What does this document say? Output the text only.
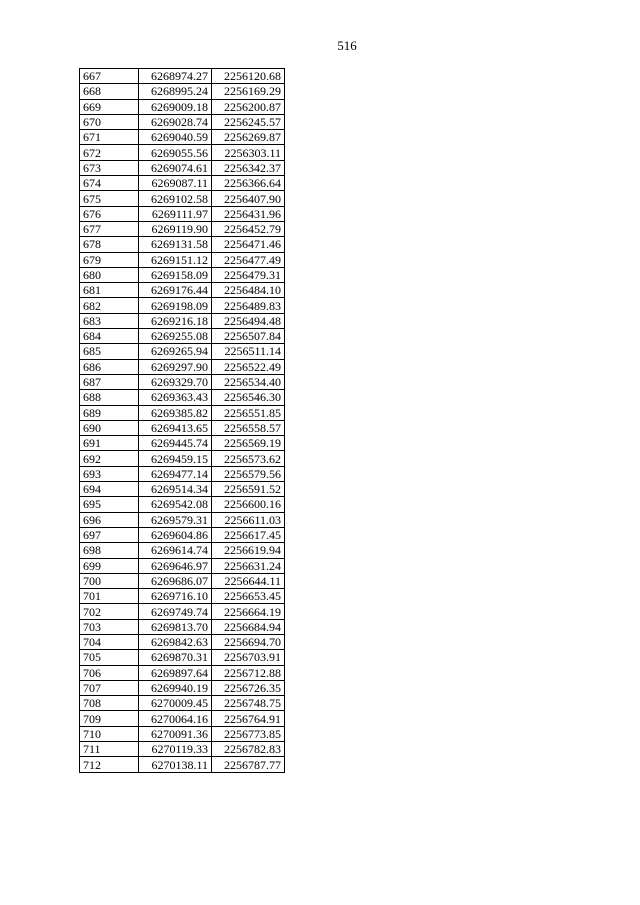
516
667	6268974.27	2256120.68
668	6268995.24	2256169.29
669	6269009.18	2256200.87
670	6269028.74	2256245.57
671	6269040.59	2256269.87
672	6269055.56	2256303.11
673	6269074.61	2256342.37
674	6269087.11	2256366.64
675	6269102.58	2256407.90
676	6269111.97	2256431.96
677	6269119.90	2256452.79
678	6269131.58	2256471.46
679	6269151.12	2256477.49
680	6269158.09	2256479.31
681	6269176.44	2256484.10
682	6269198.09	2256489.83
683	6269216.18	2256494.48
684	6269255.08	2256507.84
685	6269265.94	2256511.14
686	6269297.90	2256522.49
687	6269329.70	2256534.40
688	6269363.43	2256546.30
689	6269385.82	2256551.85
690	6269413.65	2256558.57
691	6269445.74	2256569.19
692	6269459.15	2256573.62
693	6269477.14	2256579.56
694	6269514.34	2256591.52
695	6269542.08	2256600.16
696	6269579.31	2256611.03
697	6269604.86	2256617.45
698	6269614.74	2256619.94
699	6269646.97	2256631.24
700	6269686.07	2256644.11
701	6269716.10	2256653.45
702	6269749.74	2256664.19
703	6269813.70	2256684.94
704	6269842.63	2256694.70
705	6269870.31	2256703.91
706	6269897.64	2256712.88
707	6269940.19	2256726.35
708	6270009.45	2256748.75
709	6270064.16	2256764.91
710	6270091.36	2256773.85
711	6270119.33	2256782.83
712	6270138.11	2256787.77
